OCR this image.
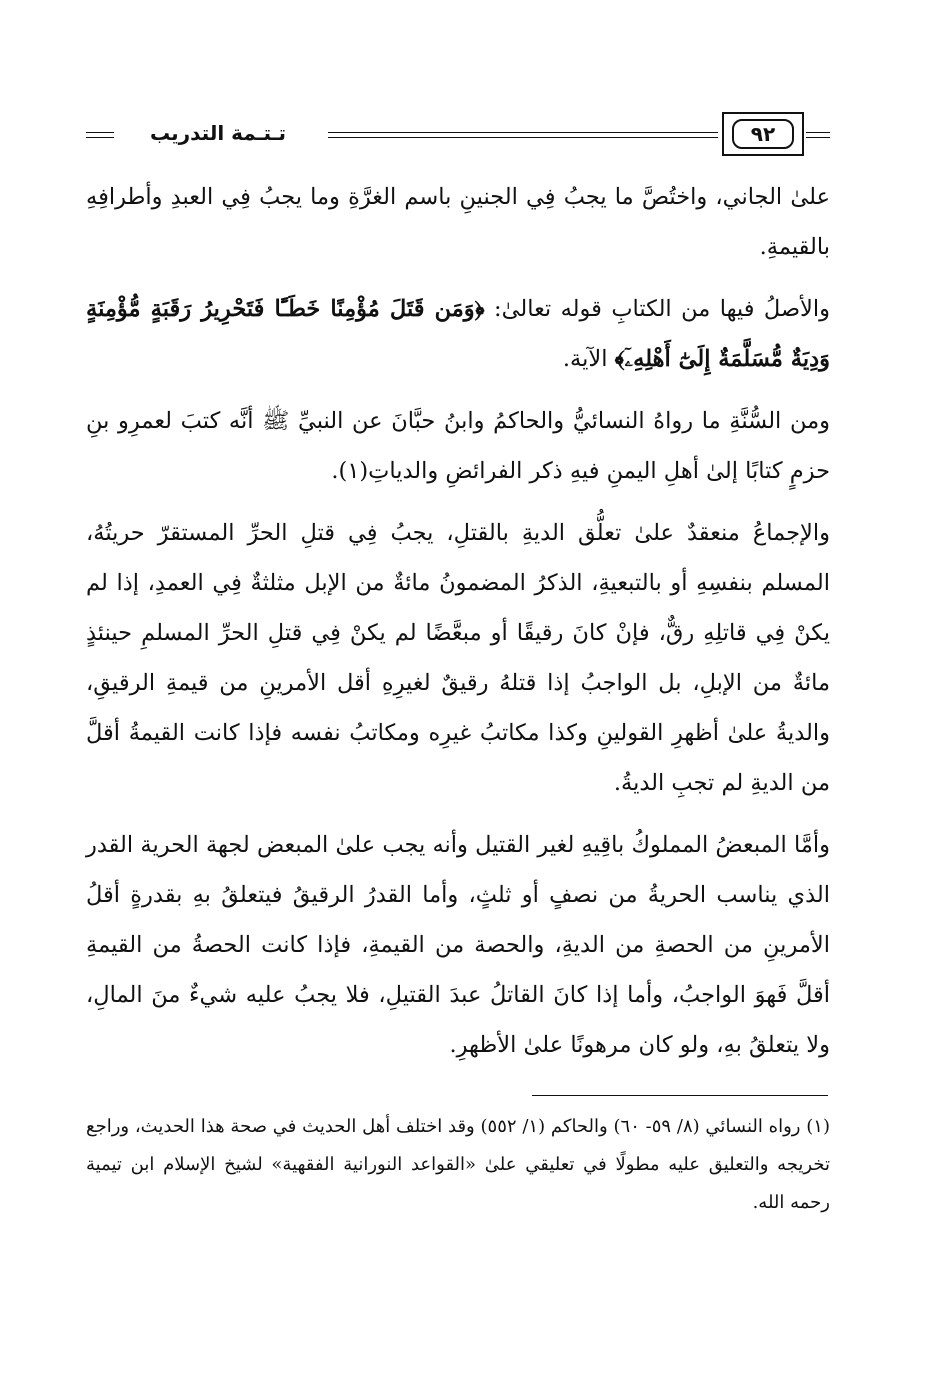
٩٢
تـتـمة التدريب

علىٰ الجاني، واختُصَّ ما يجبُ فِي الجنينِ باسم الغرَّةِ وما يجبُ فِي العبدِ وأطرافِهِ بالقيمةِ.

والأصلُ فيها من الكتابِ قوله تعالىٰ: ﴿وَمَن قَتَلَ مُؤْمِنًا خَطَـًٔا فَتَحْرِيرُ رَقَبَةٍ مُّؤْمِنَةٍ وَدِيَةٌ مُّسَلَّمَةٌ إِلَىٰٓ أَهْلِهِۦٓ﴾ الآية.

ومن السُّنَّةِ ما رواهُ النسائيُّ والحاكمُ وابنُ حبَّانَ عن النبيِّ ﷺ أنَّه كتبَ لعمرِو بنِ حزمٍ كتابًا إلىٰ أهلِ اليمنِ فيهِ ذكر الفرائضِ والدياتِ(١).

والإجماعُ منعقدٌ علىٰ تعلُّق الديةِ بالقتلِ، يجبُ فِي قتلِ الحرِّ المستقرّ حريتُهُ، المسلم بنفسِهِ أو بالتبعيةِ، الذكرُ المضمونُ مائةٌ من الإبل مثلثةٌ فِي العمدِ، إذا لم يكنْ فِي قاتلِهِ رقٌّ، فإنْ كانَ رقيقًا أو مبعَّضًا لم يكنْ فِي قتلِ الحرِّ المسلمِ حينئذٍ مائةٌ من الإبلِ، بل الواجبُ إذا قتلهُ رقيقٌ لغيرِهِ أقل الأمرينِ من قيمةِ الرقيقِ، والديةُ علىٰ أظهرِ القولينِ وكذا مكاتبُ غيرِه ومكاتبُ نفسه فإذا كانت القيمةُ أقلَّ من الديةِ لم تجبِ الديةُ.

وأمَّا المبعضُ المملوكُ باقِيهِ لغير القتيل وأنه يجب علىٰ المبعض لجهة الحرية القدر الذي يناسب الحريةُ من نصفٍ أو ثلثٍ، وأما القدرُ الرقيقُ فيتعلقُ بهِ بقدرةٍ أقلُ الأمرينِ من الحصةِ من الديةِ، والحصة من القيمةِ، فإذا كانت الحصةُ من القيمةِ أقلَّ فَهوَ الواجبُ، وأما إذا كانَ القاتلُ عبدَ القتيلِ، فلا يجبُ عليه شيءٌ منَ المالِ، ولا يتعلقُ بهِ، ولو كان مرهونًا علىٰ الأظهرِ.

(١) رواه النسائي (٨/ ٥٩- ٦٠) والحاكم (١/ ٥٥٢) وقد اختلف أهل الحديث في صحة هذا الحديث، وراجع تخريجه والتعليق عليه مطولًا في تعليقي علىٰ «القواعد النورانية الفقهية» لشيخ الإسلام ابن تيمية رحمه الله.
